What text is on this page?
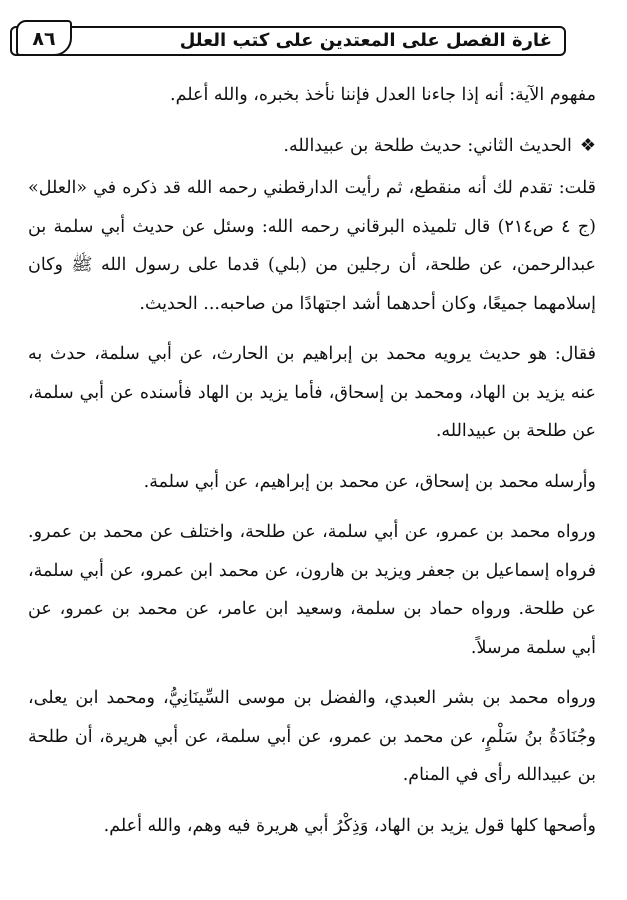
٨٦	غارة الفصل على المعتدين على كتب العلل

مفهوم الآية: أنه إذا جاءنا العدل فإننا نأخذ بخبره، والله أعلم.

❖الحديث الثاني: حديث طلحة بن عبيدالله.

قلت: تقدم لك أنه منقطع، ثم رأيت الدارقطني رحمه الله قد ذكره في «العلل» (ج ٤ ص٢١٤) قال تلميذه البرقاني رحمه الله: وسئل عن حديث أبي سلمة بن عبدالرحمن، عن طلحة، أن رجلين من (بلي) قدما على رسول الله ﷺ وكان إسلامهما جميعًا، وكان أحدهما أشد اجتهادًا من صاحبه... الحديث.

فقال: هو حديث يرويه محمد بن إبراهيم بن الحارث، عن أبي سلمة، حدث به عنه يزيد بن الهاد، ومحمد بن إسحاق، فأما يزيد بن الهاد فأسنده عن أبي سلمة، عن طلحة بن عبيدالله.

وأرسله محمد بن إسحاق، عن محمد بن إبراهيم، عن أبي سلمة.

ورواه محمد بن عمرو، عن أبي سلمة، عن طلحة، واختلف عن محمد بن عمرو. فرواه إسماعيل بن جعفر ويزيد بن هارون، عن محمد ابن عمرو، عن أبي سلمة، عن طلحة. ورواه حماد بن سلمة، وسعيد ابن عامر، عن محمد بن عمرو، عن أبي سلمة مرسلاً.

ورواه محمد بن بشر العبدي، والفضل بن موسى السِّينَانِيُّ، ومحمد ابن يعلى، وجُنَادَةُ بنُ سَلْمٍ، عن محمد بن عمرو، عن أبي سلمة، عن أبي هريرة، أن طلحة بن عبيدالله رأى في المنام.

وأصحها كلها قول يزيد بن الهاد، وَذِكْرُ أبي هريرة فيه وهم، والله أعلم.
